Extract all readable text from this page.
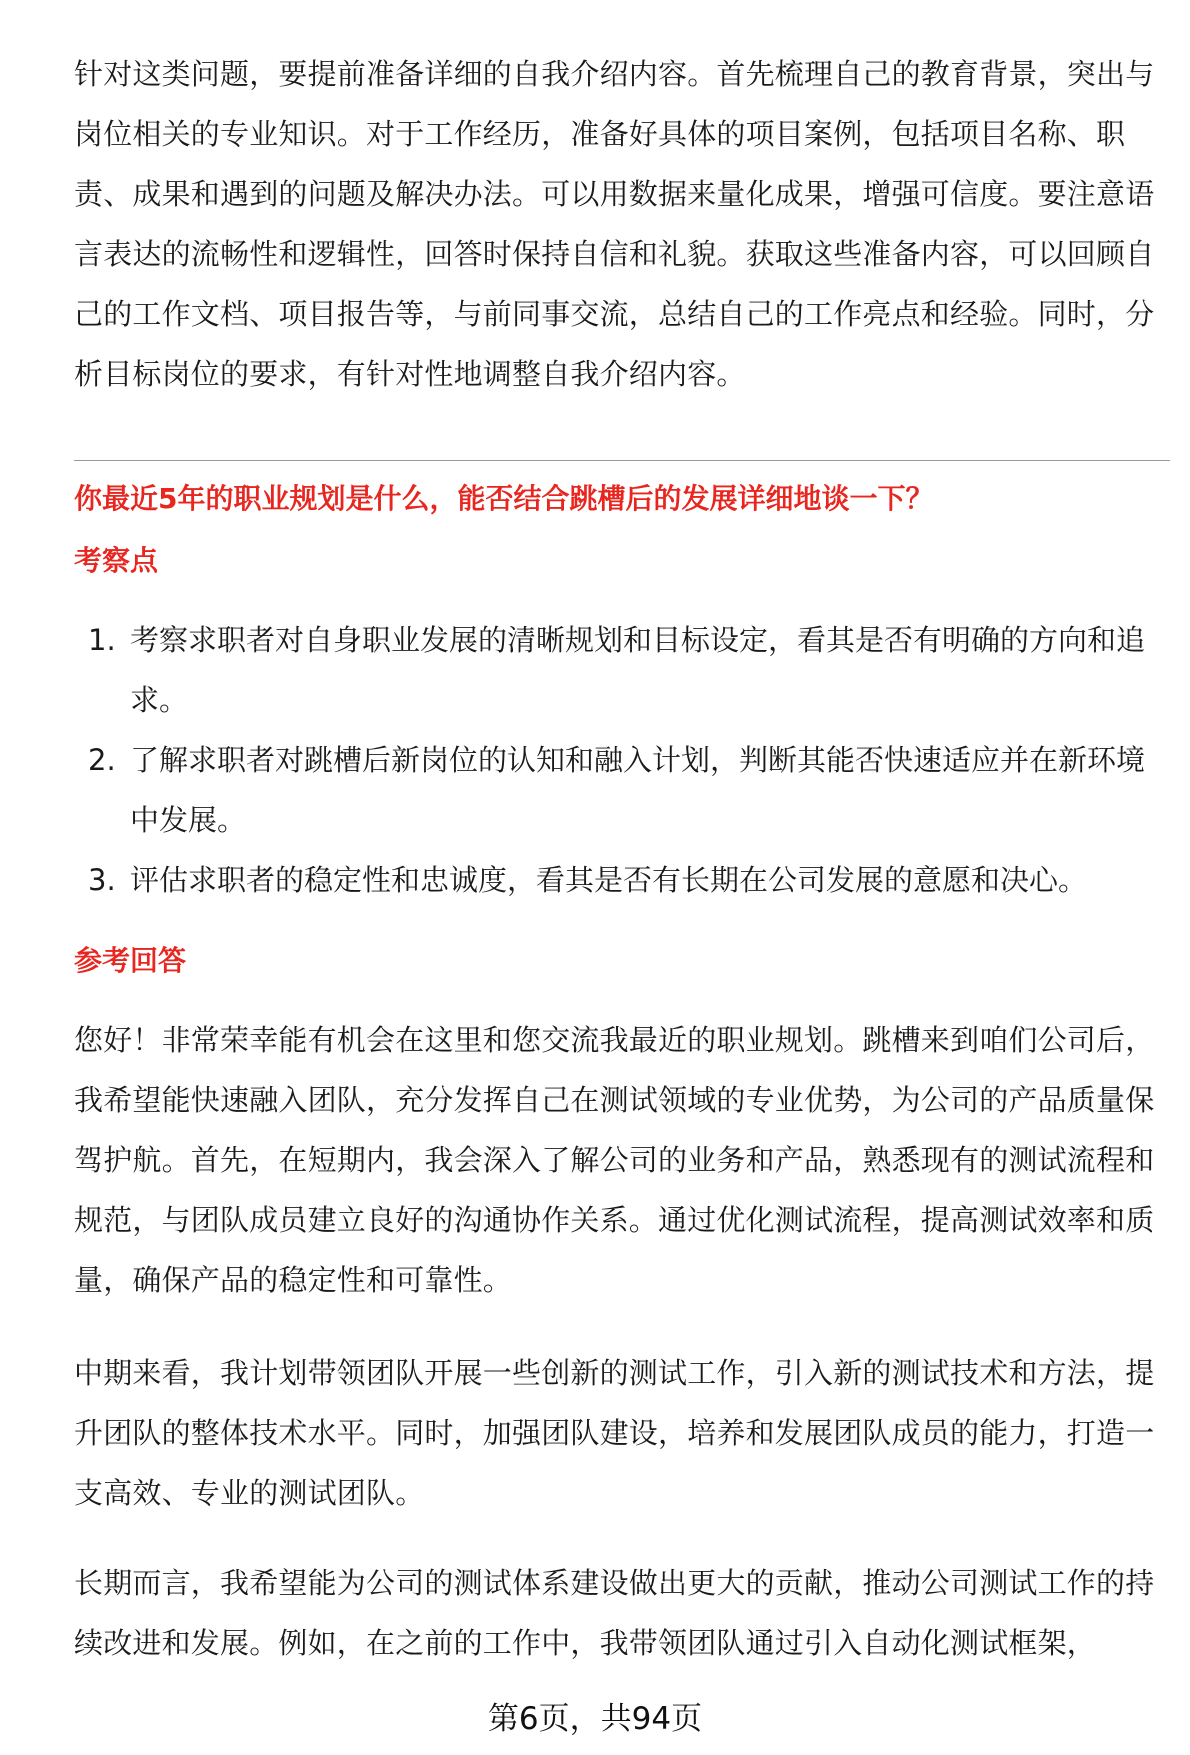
针对这类问题，要提前准备详细的自我介绍内容。首先梳理自己的教育背景，突出与岗位相关的专业知识。对于工作经历，准备好具体的项目案例，包括项目名称、职责、成果和遇到的问题及解决办法。可以用数据来量化成果，增强可信度。要注意语言表达的流畅性和逻辑性，回答时保持自信和礼貌。获取这些准备内容，可以回顾自己的工作文档、项目报告等，与前同事交流，总结自己的工作亮点和经验。同时，分析目标岗位的要求，有针对性地调整自我介绍内容。

你最近5年的职业规划是什么，能否结合跳槽后的发展详细地谈一下？
考察点
1. 考察求职者对自身职业发展的清晰规划和目标设定，看其是否有明确的方向和追求。
2. 了解求职者对跳槽后新岗位的认知和融入计划，判断其能否快速适应并在新环境中发展。
3. 评估求职者的稳定性和忠诚度，看其是否有长期在公司发展的意愿和决心。
参考回答

您好！非常荣幸能有机会在这里和您交流我最近的职业规划。跳槽来到咱们公司后，我希望能快速融入团队，充分发挥自己在测试领域的专业优势，为公司的产品质量保驾护航。首先，在短期内，我会深入了解公司的业务和产品，熟悉现有的测试流程和规范，与团队成员建立良好的沟通协作关系。通过优化测试流程，提高测试效率和质量，确保产品的稳定性和可靠性。

中期来看，我计划带领团队开展一些创新的测试工作，引入新的测试技术和方法，提升团队的整体技术水平。同时，加强团队建设，培养和发展团队成员的能力，打造一支高效、专业的测试团队。

长期而言，我希望能为公司的测试体系建设做出更大的贡献，推动公司测试工作的持续改进和发展。例如，在之前的工作中，我带领团队通过引入自动化测试框架，

第6页，共94页
